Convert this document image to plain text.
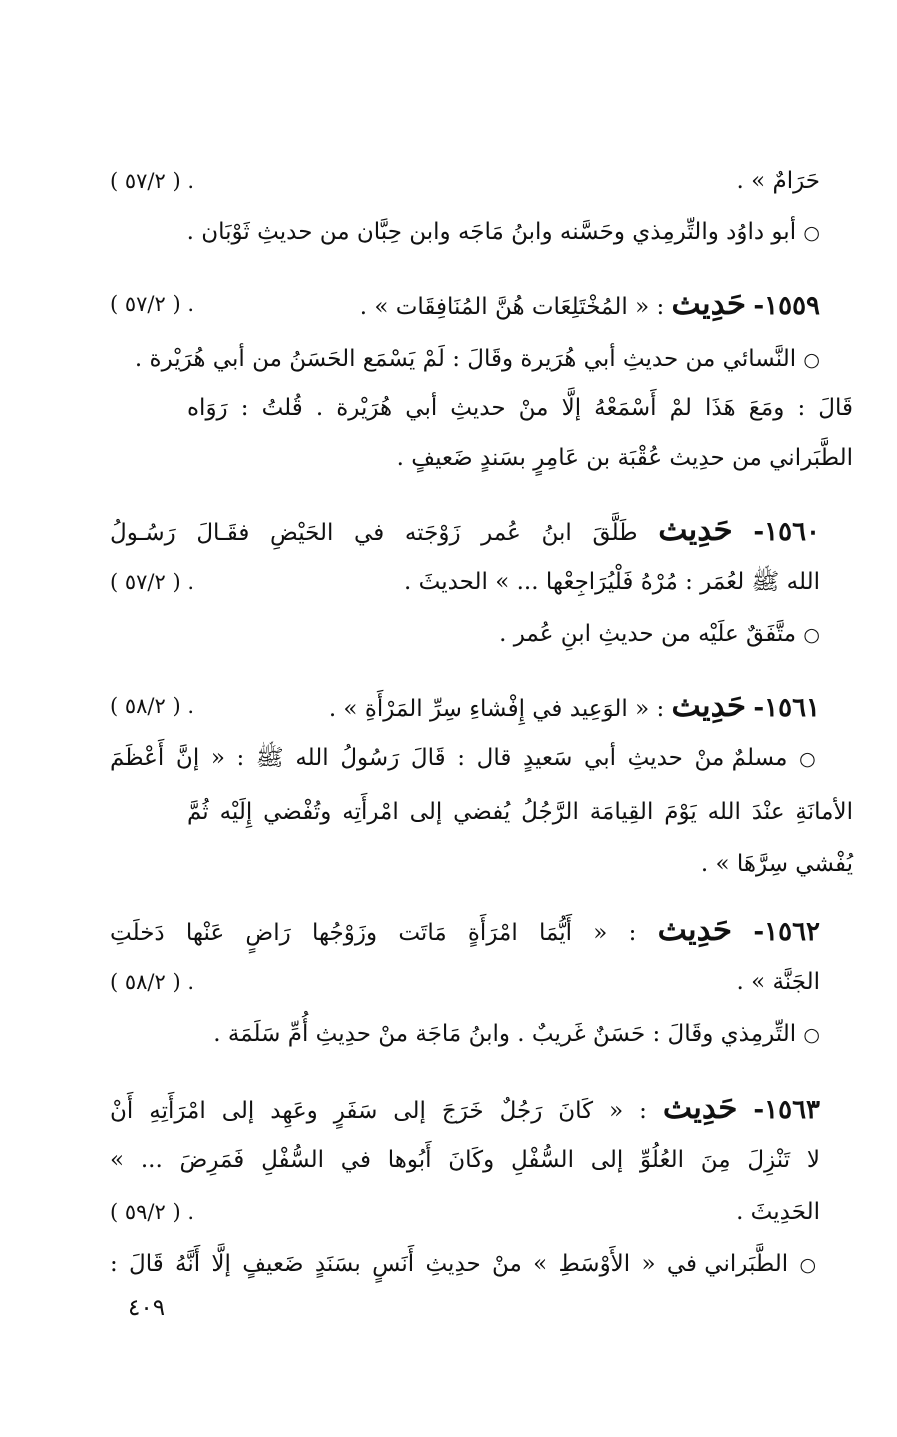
حَرَامٌ » .
( ٥٧/٢ ) .
○ أبو داوُد والتِّرمِذي وحَسَّنه وابنُ مَاجَه وابن حِبَّان من حديثِ ثَوْبَان .
١٥٥٩- حَدِيث : « المُخْتَلِعَات هُنَّ المُنَافِقَات » .
( ٥٧/٢ ) .
○ النَّسائي من حديثِ أبي هُرَيرة وقَالَ : لَمْ يَسْمَع الحَسَنُ من أبي هُرَيْرة .
قَالَ : ومَعَ هَذَا لمْ أَسْمَعْهُ إلَّا منْ حديثِ أبي هُرَيْرة . قُلتُ : رَوَاه
الطَّبَراني من حدِيث عُقْبَة بن عَامِرٍ بسَندٍ ضَعيفٍ .
١٥٦٠- حَدِيث طَلَّقَ ابنُ عُمر زَوْجَته في الحَيْضِ فقَـالَ رَسُـولُ
الله ﷺ لعُمَر : مُرْهُ فَلْيُرَاجِعْها ... » الحديثَ .
( ٥٧/٢ ) .
○ متَّفَقٌ علَيْه من حديثِ ابنِ عُمر .
١٥٦١- حَدِيث : « الوَعِيد في إِفْشاءِ سِرِّ المَرْأَةِ » .
( ٥٨/٢ ) .
○ مسلمٌ منْ حديثِ أبي سَعيدٍ قال : قَالَ رَسُولُ الله ﷺ : « إنَّ أَعْظَمَ
الأمانَةِ عنْدَ الله يَوْمَ القِيامَة الرَّجُلُ يُفضي إلى امْرأَتِه وتُفْضي إِلَيْه ثُمَّ
يُفْشي سِرَّهَا » .
١٥٦٢- حَدِيث : « أَيُّمَا امْرَأَةٍ مَاتَت وزَوْجُها رَاضٍ عَنْها دَخلَتِ
الجَنَّة » .
( ٥٨/٢ ) .
○ التِّرمِذي وقَالَ : حَسَنٌ غَريبٌ . وابنُ مَاجَة منْ حدِيثِ أُمِّ سَلَمَة .
١٥٦٣- حَدِيث : « كَانَ رَجُلٌ خَرَجَ إلى سَفَرٍ وعَهِد إلى امْرَأَتِهِ أَنْ
لا تَنْزِلَ مِنَ العُلُوِّ إلى السُّفْلِ وكَانَ أَبُوها في السُّفْلِ فَمَرِضَ ... »
الحَدِيثَ .
( ٥٩/٢ ) .
○ الطَّبَراني في « الأَوْسَطِ » منْ حدِيثِ أَنَسٍ بسَنَدٍ ضَعيفٍ إلَّا أَنَّهُ قَالَ :
٤٠٩
